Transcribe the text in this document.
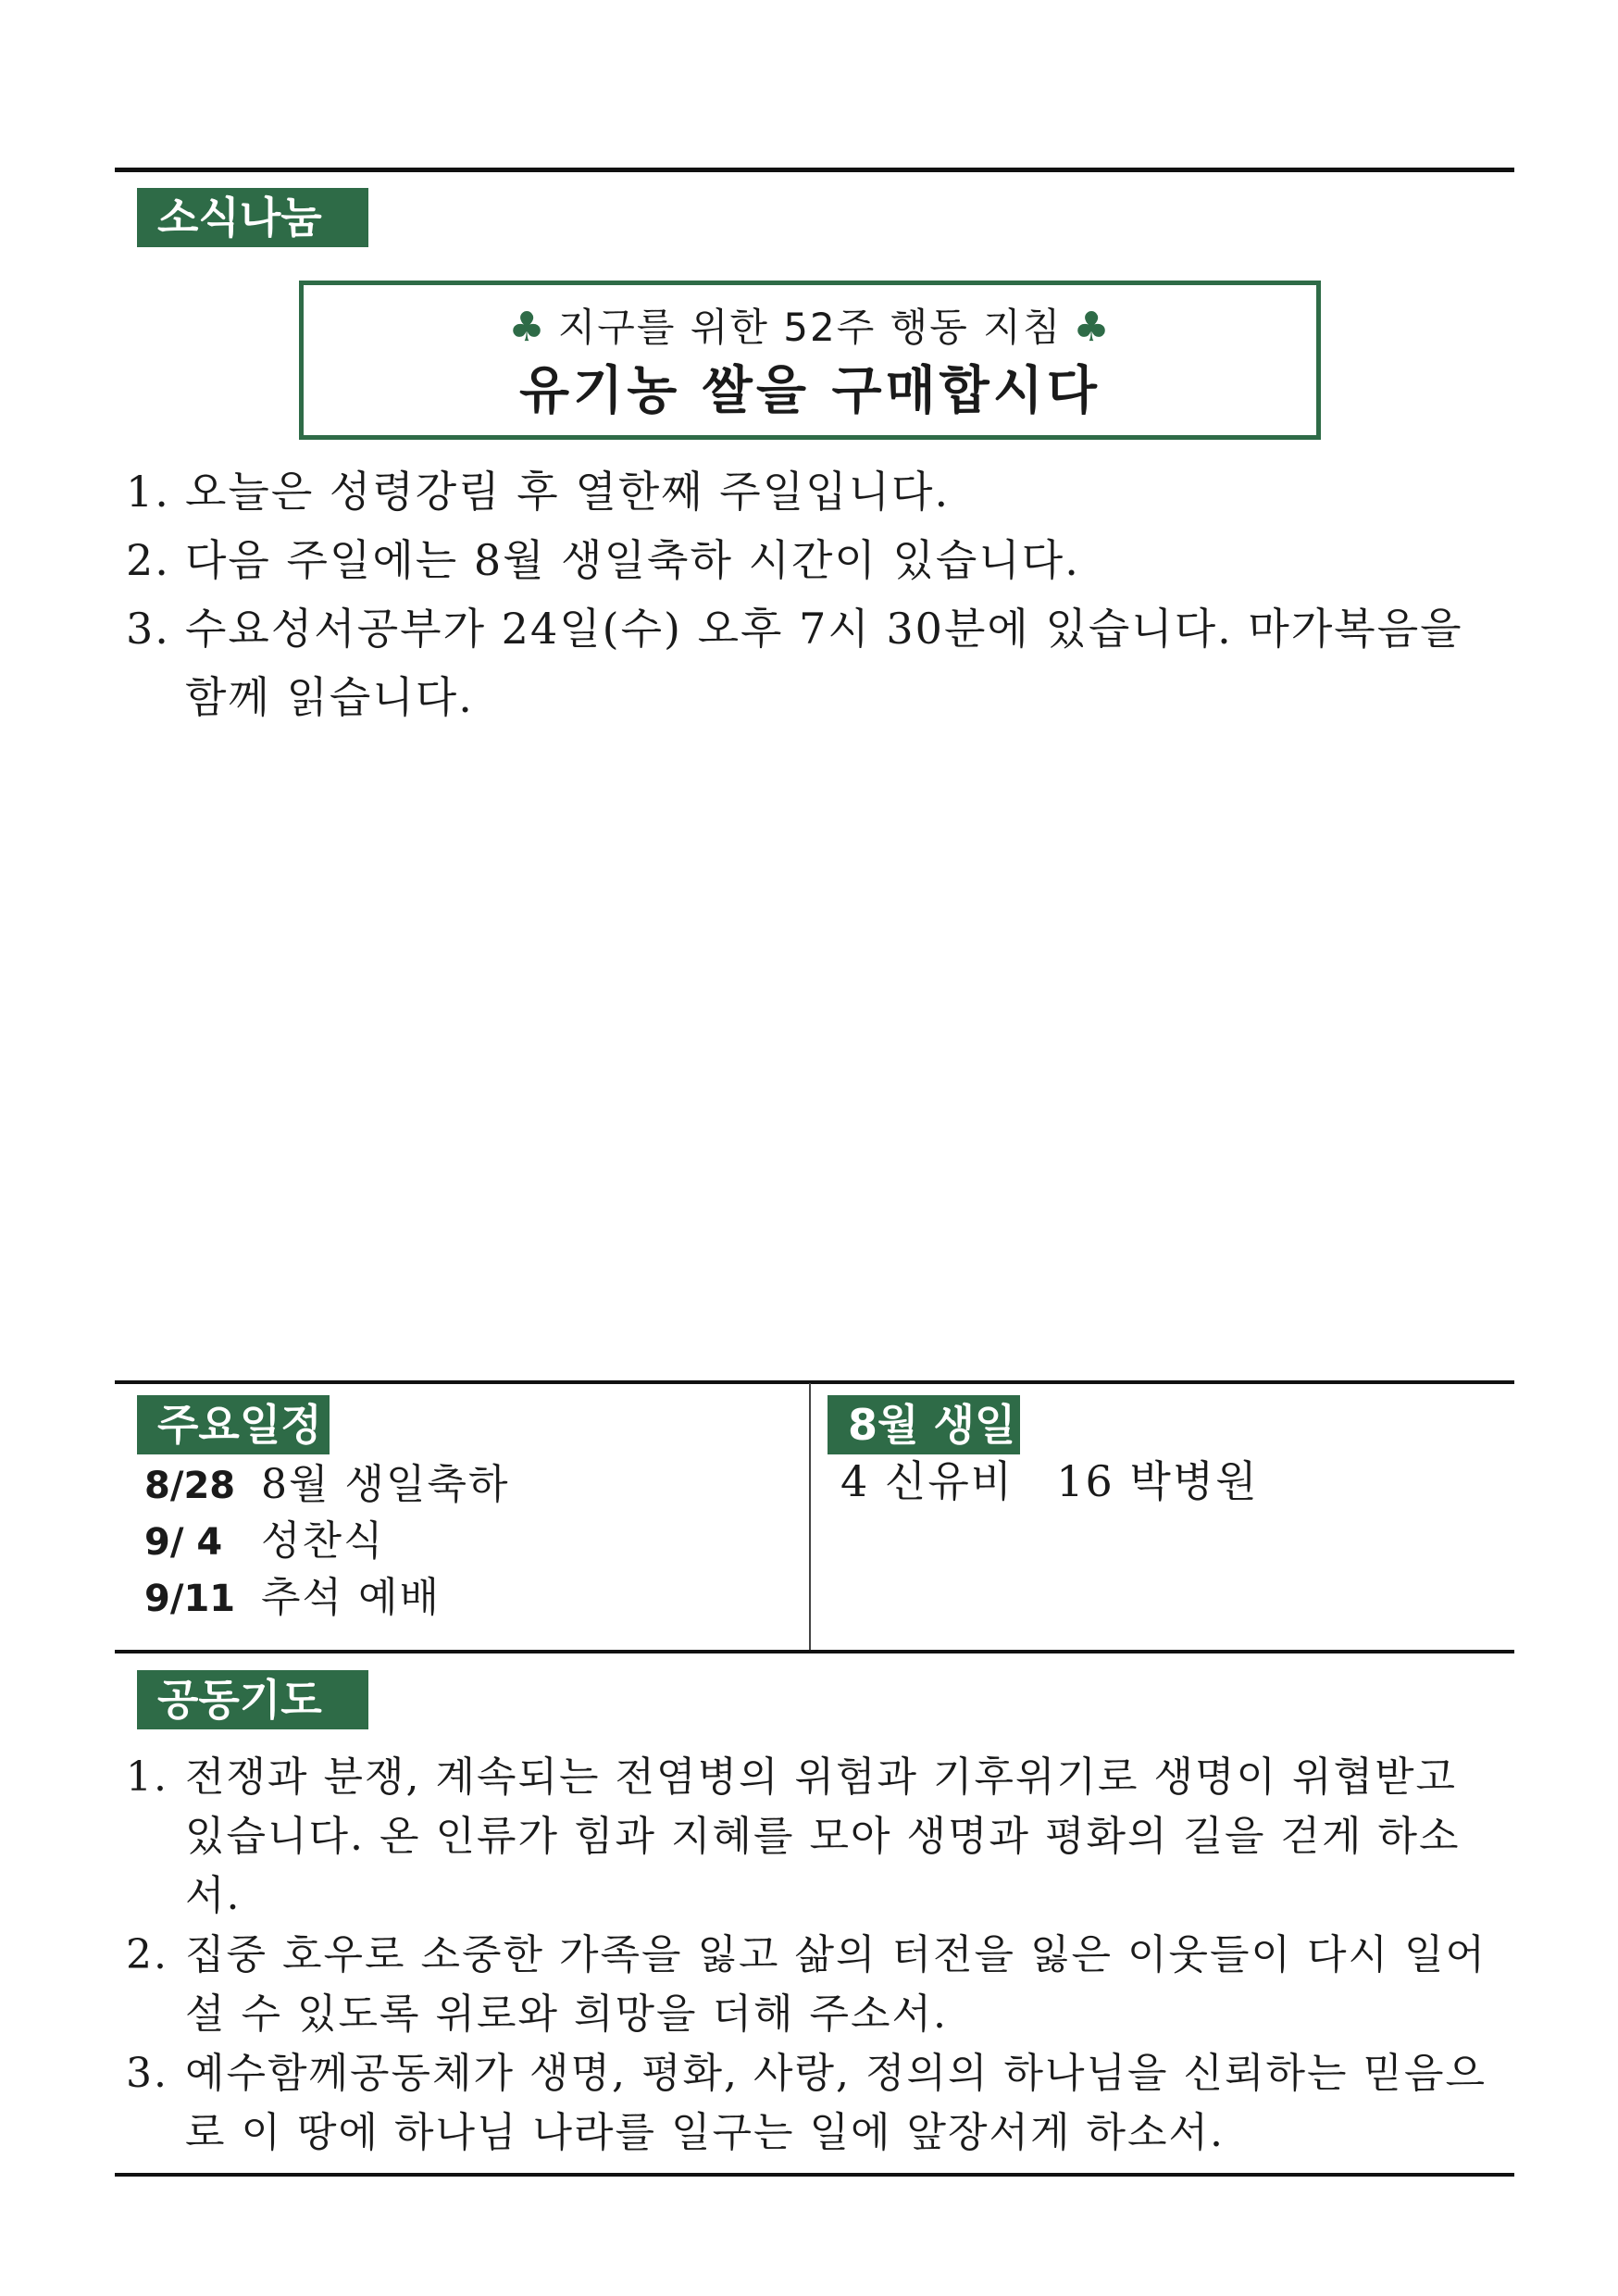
소식나눔
♣ 지구를 위한 52주 행동 지침 ♣
유기농 쌀을 구매합시다
1. 오늘은 성령강림 후 열한째 주일입니다.
2. 다음 주일에는 8월 생일축하 시간이 있습니다.
3. 수요성서공부가 24일(수) 오후 7시 30분에 있습니다. 마가복음을 함께 읽습니다.
주요일정
8/28 8월 생일축하
9/ 4 성찬식
9/11 추석 예배
8월 생일
4 신유비 16 박병원
공동기도
1. 전쟁과 분쟁, 계속되는 전염병의 위험과 기후위기로 생명이 위협받고 있습니다. 온 인류가 힘과 지혜를 모아 생명과 평화의 길을 걷게 하소서.
2. 집중 호우로 소중한 가족을 잃고 삶의 터전을 잃은 이웃들이 다시 일어설 수 있도록 위로와 희망을 더해 주소서.
3. 예수함께공동체가 생명, 평화, 사랑, 정의의 하나님을 신뢰하는 믿음으로 이 땅에 하나님 나라를 일구는 일에 앞장서게 하소서.
